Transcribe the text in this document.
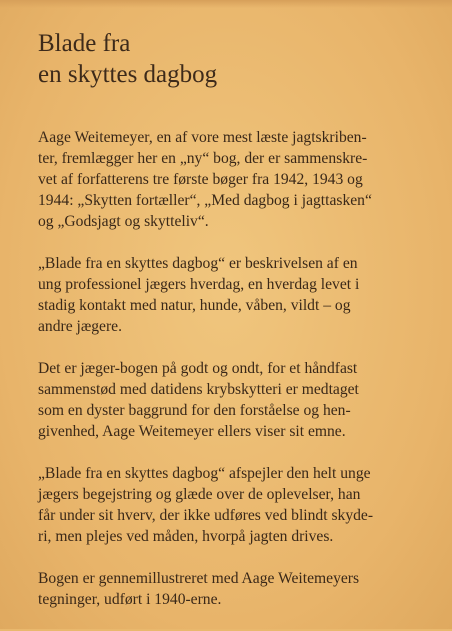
Blade fra
en skyttes dagbog

Aage Weitemeyer, en af vore mest læste jagtskriben-
ter, fremlægger her en „ny“ bog, der er sammenskre-
vet af forfatterens tre første bøger fra 1942, 1943 og
1944: „Skytten fortæller“, „Med dagbog i jagttasken“
og „Godsjagt og skytteliv“.

„Blade fra en skyttes dagbog“ er beskrivelsen af en
ung professionel jægers hverdag, en hverdag levet i
stadig kontakt med natur, hunde, våben, vildt – og
andre jægere.

Det er jæger-bogen på godt og ondt, for et håndfast
sammenstød med datidens krybskytteri er medtaget
som en dyster baggrund for den forståelse og hen-
givenhed, Aage Weitemeyer ellers viser sit emne.

„Blade fra en skyttes dagbog“ afspejler den helt unge
jægers begejstring og glæde over de oplevelser, han
får under sit hverv, der ikke udføres ved blindt skyde-
ri, men plejes ved måden, hvorpå jagten drives.

Bogen er gennemillustreret med Aage Weitemeyers
tegninger, udført i 1940-erne.
